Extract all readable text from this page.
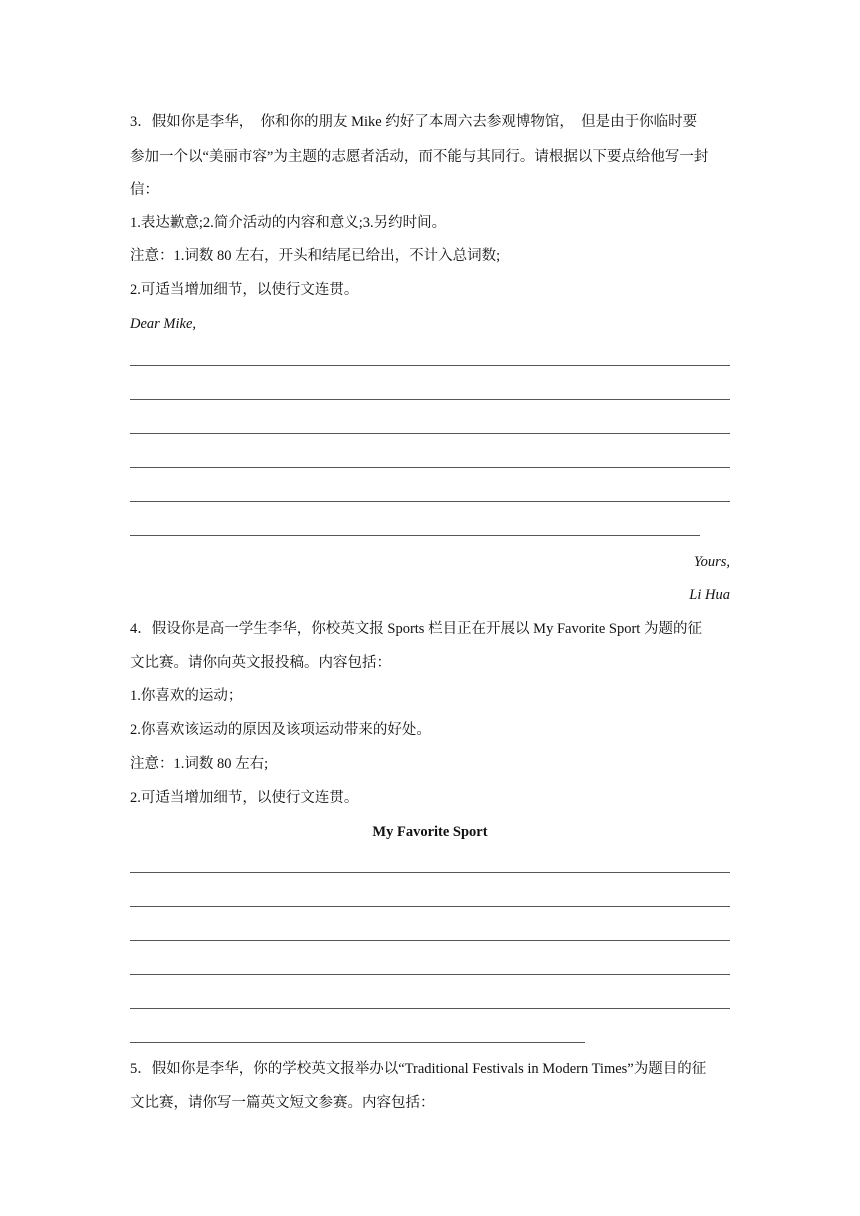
3．假如你是李华，　你和你的朋友 Mike 约好了本周六去参观博物馆，　但是由于你临时要
参加一个以“美丽市容”为主题的志愿者活动，而不能与其同行。请根据以下要点给他写一封
信：
1.表达歉意;2.简介活动的内容和意义;3.另约时间。
注意：1.词数 80 左右，开头和结尾已给出，不计入总词数;
2.可适当增加细节，以使行文连贯。
Dear Mike,
Yours,
Li Hua
4．假设你是高一学生李华，你校英文报 Sports 栏目正在开展以 My Favorite Sport 为题的征
文比赛。请你向英文报投稿。内容包括：
1.你喜欢的运动；
2.你喜欢该运动的原因及该项运动带来的好处。
注意：1.词数 80 左右;
2.可适当增加细节，以使行文连贯。
My Favorite Sport
5．假如你是李华，你的学校英文报举办以“Traditional Festivals in Modern Times”为题目的征
文比赛，请你写一篇英文短文参赛。内容包括：
